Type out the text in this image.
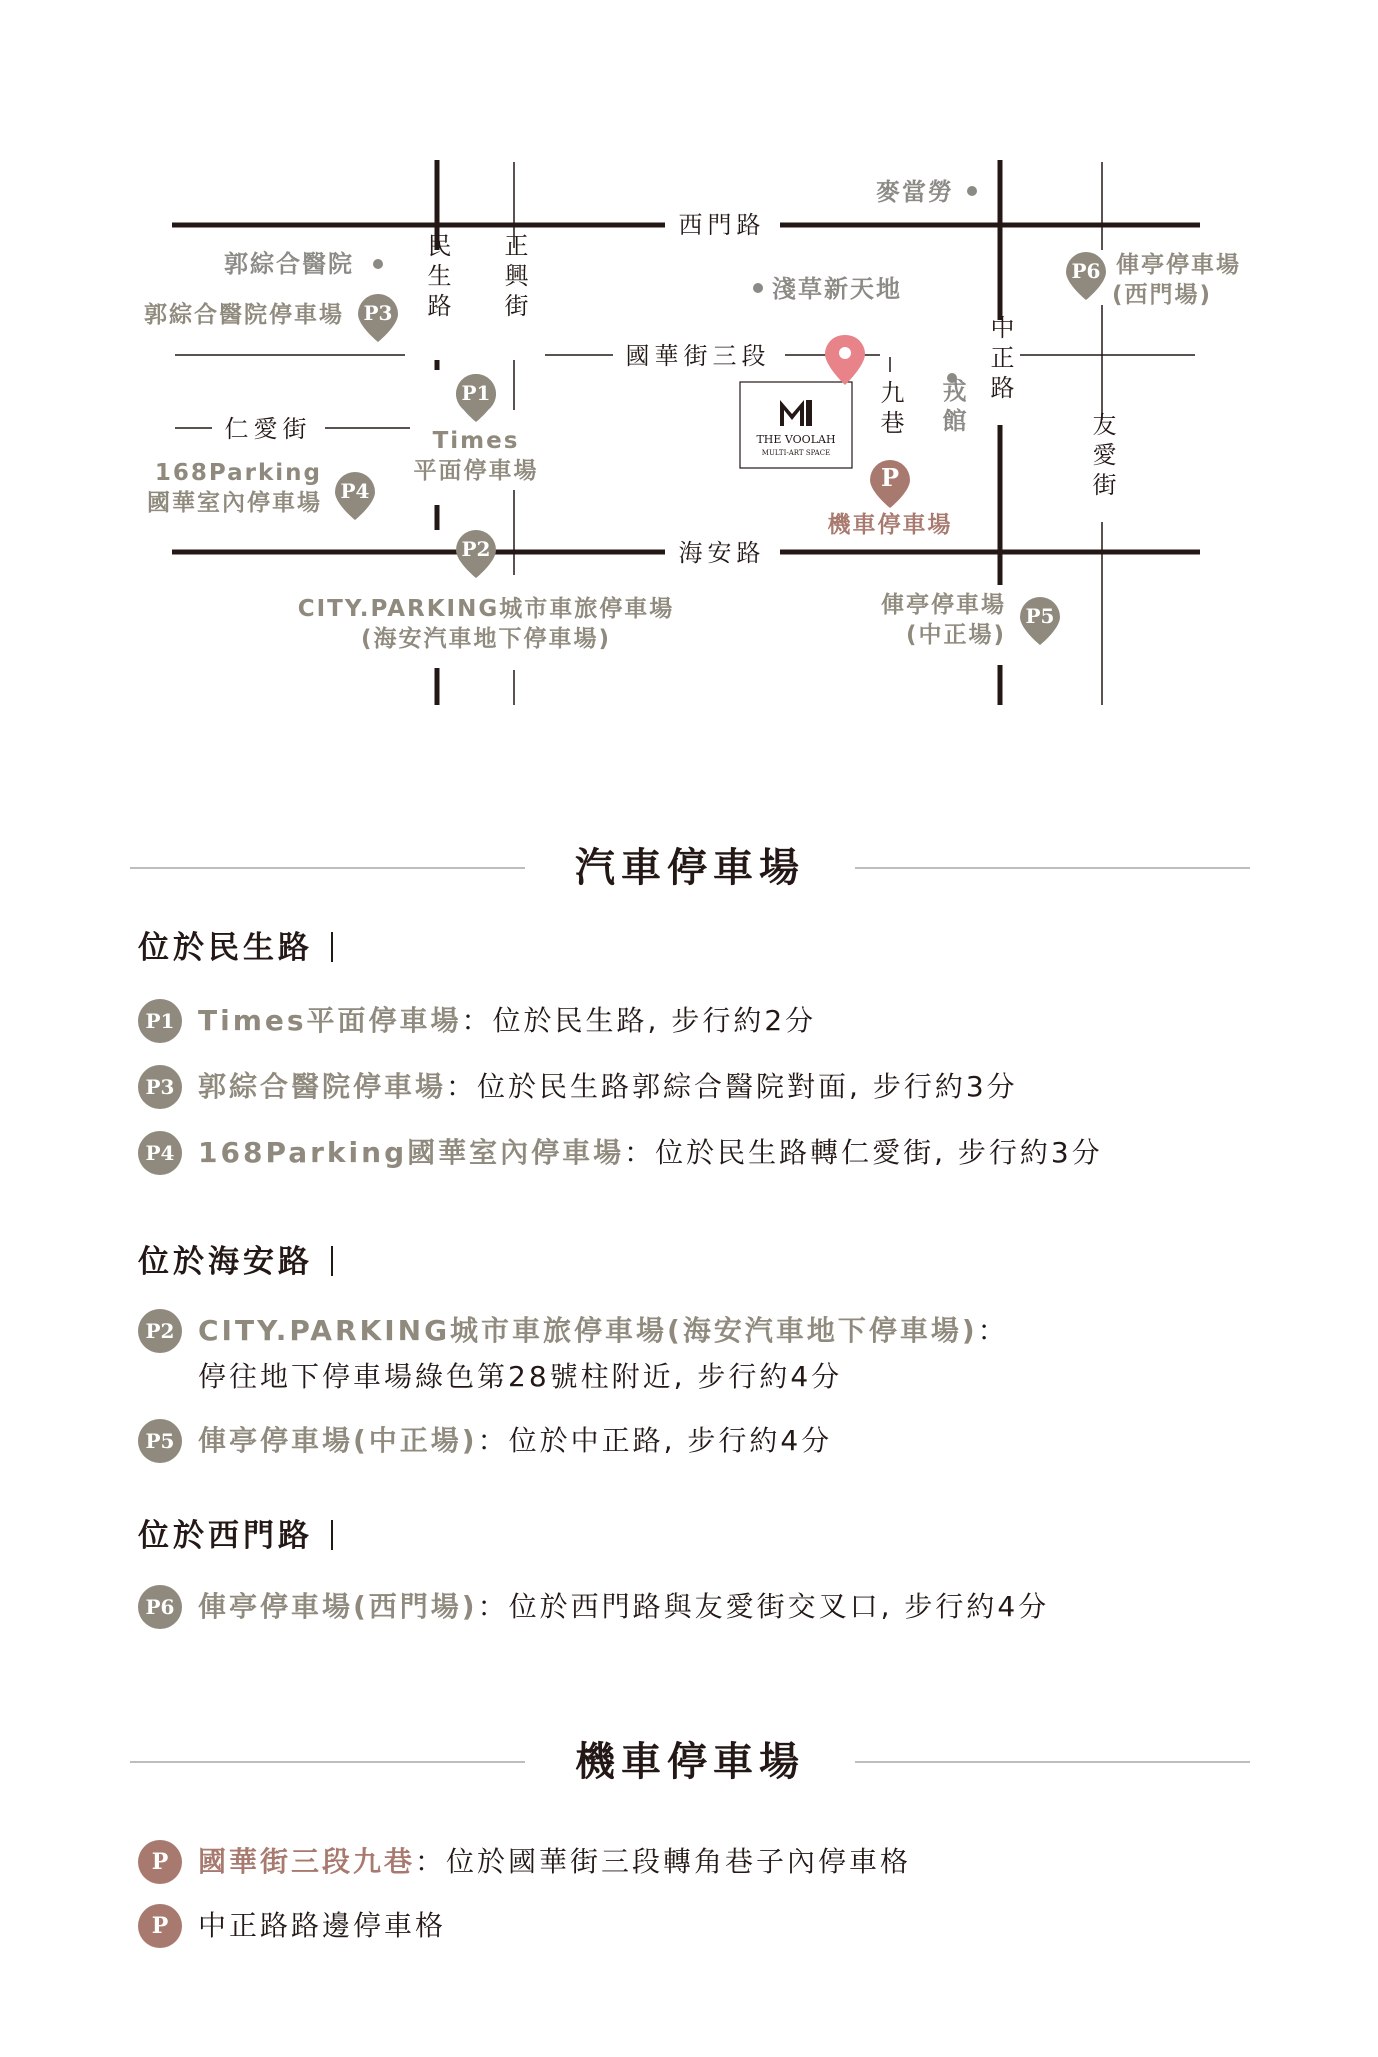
西門路
國華街三段
海安路
仁愛街
民生路 正興街
中正路
友愛街
九巷
麥當勞
郭綜合醫院
淺草新天地
戎館
THE VOOLAH
MULTI-ART SPACE
P1
P2
P3
P4
P5
P6
P
Times
平面停車場
CITY.PARKING城市車旅停車場
(海安汽車地下停車場)
郭綜合醫院停車場
168Parking
國華室內停車場
俥亭停車場
(中正場)
俥亭停車場
(西門場)
機車停車場
汽車停車場
位於民生路
P1 Times平面停車場：位於民生路, 步行約2分
P3 郭綜合醫院停車場：位於民生路郭綜合醫院對面, 步行約3分
P4 168Parking國華室內停車場：位於民生路轉仁愛街, 步行約3分
位於海安路
P2 CITY.PARKING城市車旅停車場(海安汽車地下停車場)：
停往地下停車場綠色第28號柱附近, 步行約4分
P5 俥亭停車場(中正場)：位於中正路, 步行約4分
位於西門路
P6 俥亭停車場(西門場)：位於西門路與友愛街交叉口, 步行約4分
機車停車場
P	國華街三段九巷：位於國華街三段轉角巷子內停車格
P	中正路路邊停車格
